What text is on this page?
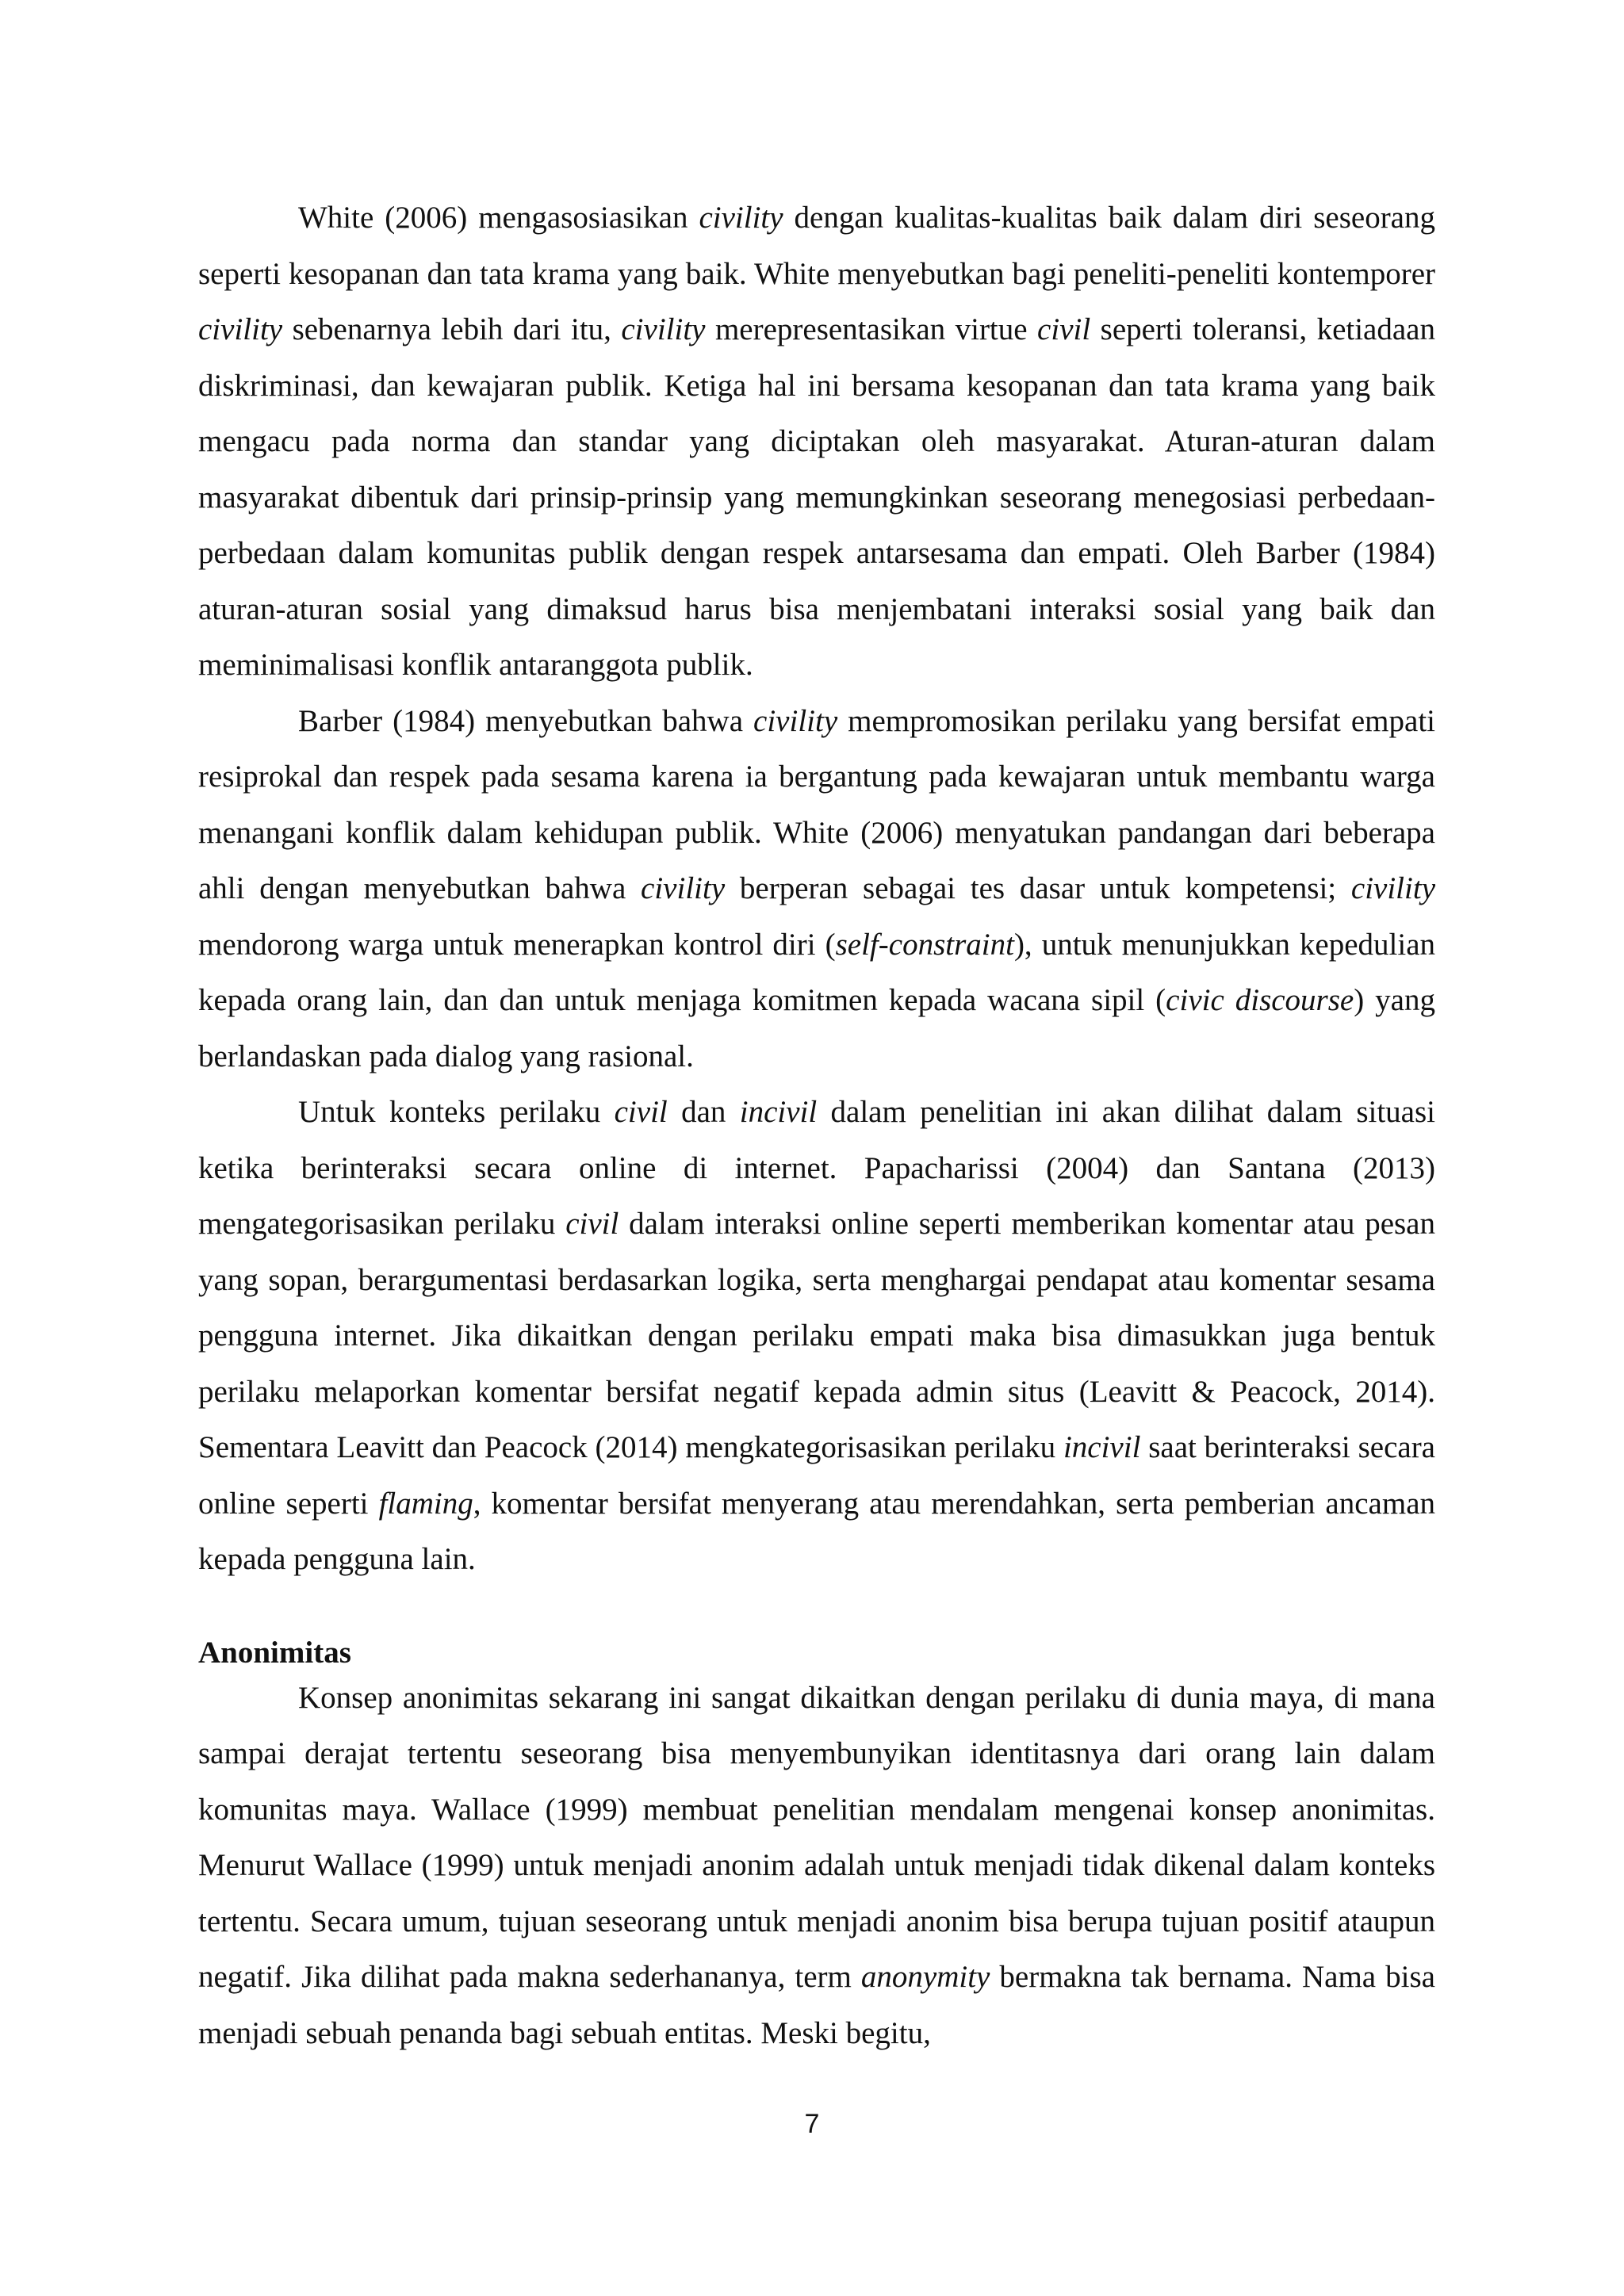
White (2006) mengasosiasikan civility dengan kualitas-kualitas baik dalam diri seseorang seperti kesopanan dan tata krama yang baik. White menyebutkan bagi peneliti-peneliti kontemporer civility sebenarnya lebih dari itu, civility merepresentasikan virtue civil seperti toleransi, ketiadaan diskriminasi, dan kewajaran publik. Ketiga hal ini bersama kesopanan dan tata krama yang baik mengacu pada norma dan standar yang diciptakan oleh masyarakat. Aturan-aturan dalam masyarakat dibentuk dari prinsip-prinsip yang memungkinkan seseorang menegosiasi perbedaan-perbedaan dalam komunitas publik dengan respek antarsesama dan empati. Oleh Barber (1984) aturan-aturan sosial yang dimaksud harus bisa menjembatani interaksi sosial yang baik dan meminimalisasi konflik antaranggota publik.

Barber (1984) menyebutkan bahwa civility mempromosikan perilaku yang bersifat empati resiprokal dan respek pada sesama karena ia bergantung pada kewajaran untuk membantu warga menangani konflik dalam kehidupan publik. White (2006) menyatukan pandangan dari beberapa ahli dengan menyebutkan bahwa civility berperan sebagai tes dasar untuk kompetensi; civility mendorong warga untuk menerapkan kontrol diri (self-constraint), untuk menunjukkan kepedulian kepada orang lain, dan dan untuk menjaga komitmen kepada wacana sipil (civic discourse) yang berlandaskan pada dialog yang rasional.

Untuk konteks perilaku civil dan incivil dalam penelitian ini akan dilihat dalam situasi ketika berinteraksi secara online di internet. Papacharissi (2004) dan Santana (2013) mengategorisasikan perilaku civil dalam interaksi online seperti memberikan komentar atau pesan yang sopan, berargumentasi berdasarkan logika, serta menghargai pendapat atau komentar sesama pengguna internet. Jika dikaitkan dengan perilaku empati maka bisa dimasukkan juga bentuk perilaku melaporkan komentar bersifat negatif kepada admin situs (Leavitt & Peacock, 2014). Sementara Leavitt dan Peacock (2014) mengkategorisasikan perilaku incivil saat berinteraksi secara online seperti flaming, komentar bersifat menyerang atau merendahkan, serta pemberian ancaman kepada pengguna lain.

Anonimitas

Konsep anonimitas sekarang ini sangat dikaitkan dengan perilaku di dunia maya, di mana sampai derajat tertentu seseorang bisa menyembunyikan identitasnya dari orang lain dalam komunitas maya. Wallace (1999) membuat penelitian mendalam mengenai konsep anonimitas. Menurut Wallace (1999) untuk menjadi anonim adalah untuk menjadi tidak dikenal dalam konteks tertentu. Secara umum, tujuan seseorang untuk menjadi anonim bisa berupa tujuan positif ataupun negatif. Jika dilihat pada makna sederhananya, term anonymity bermakna tak bernama. Nama bisa menjadi sebuah penanda bagi sebuah entitas. Meski begitu,

7
